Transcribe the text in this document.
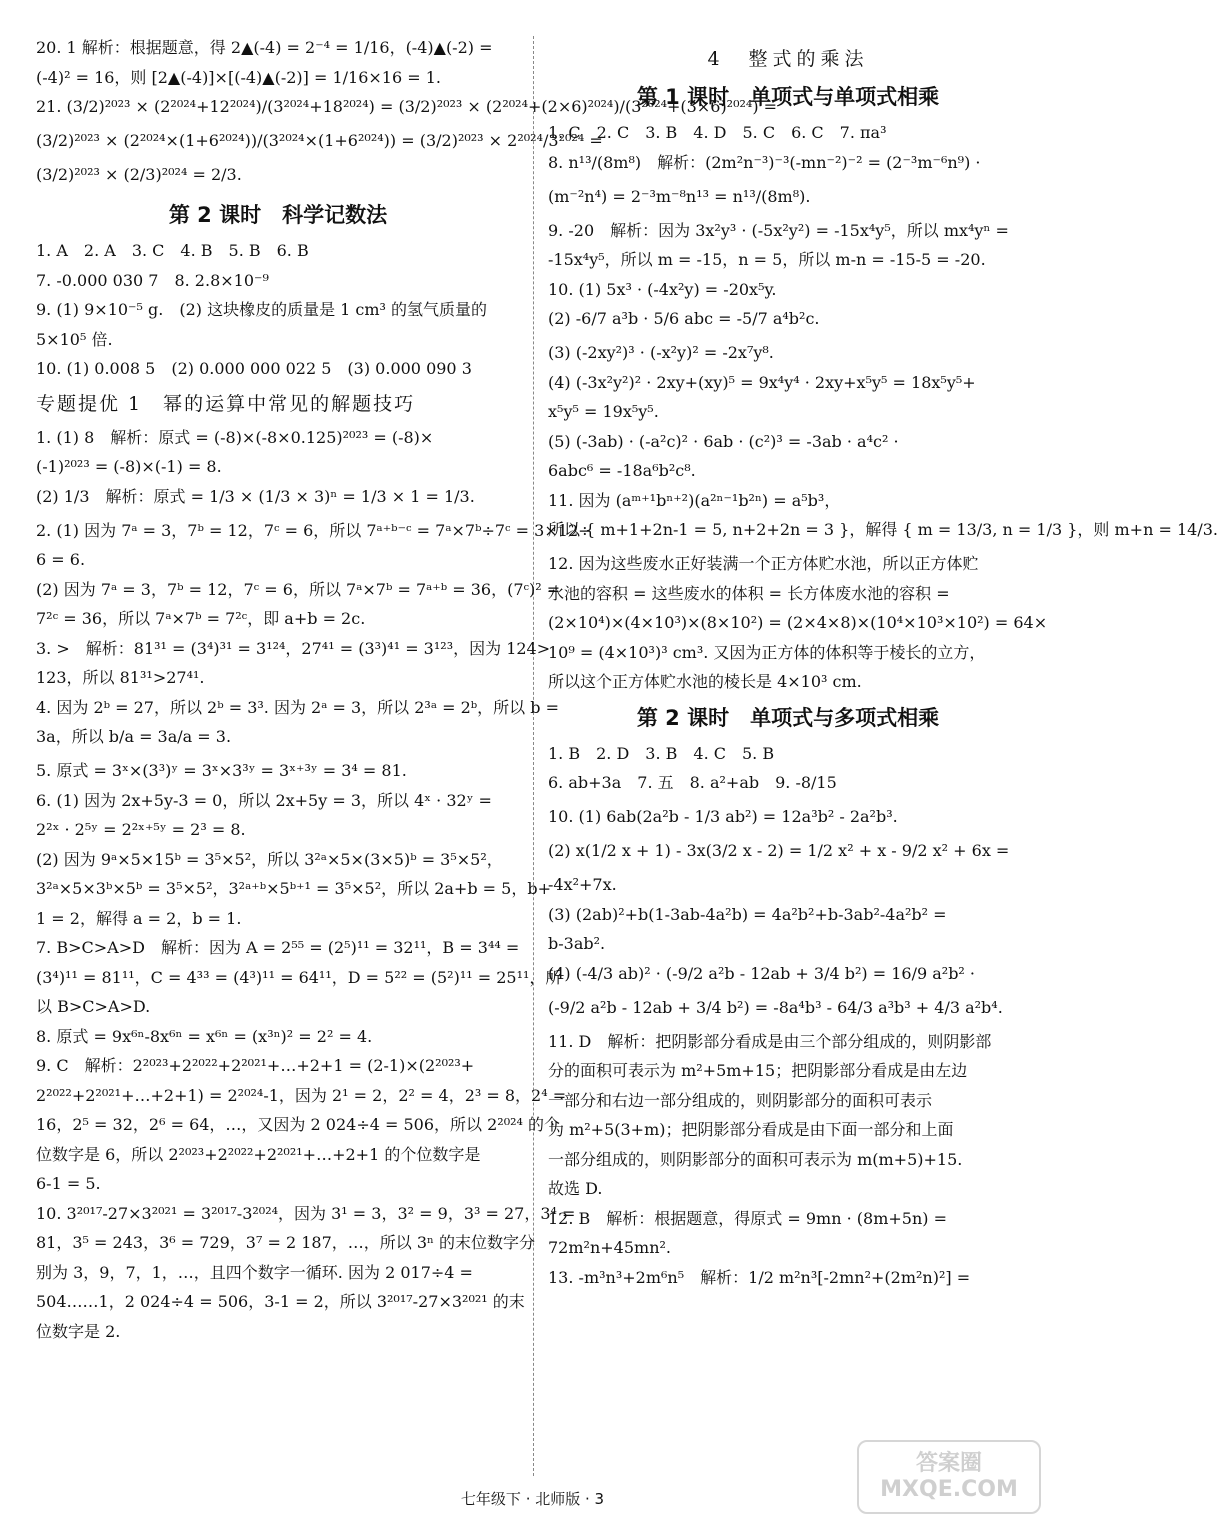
20. 1 解析：根据题意，得 2▲(-4) = 2⁻⁴ = 1/16，(-4)▲(-2) =
(-4)² = 16，则 [2▲(-4)]×[(-4)▲(-2)] = 1/16×16 = 1.
21. (3/2)²⁰²³ × (2²⁰²⁴+12²⁰²⁴)/(3²⁰²⁴+18²⁰²⁴) = (3/2)²⁰²³ × (2²⁰²⁴+(2×6)²⁰²⁴)/(3²⁰²⁴+(3×6)²⁰²⁴) =
(3/2)²⁰²³ × (2²⁰²⁴×(1+6²⁰²⁴))/(3²⁰²⁴×(1+6²⁰²⁴)) = (3/2)²⁰²³ × 2²⁰²⁴/3²⁰²⁴ =
(3/2)²⁰²³ × (2/3)²⁰²⁴ = 2/3.
第 2 课时　科学记数法
1. A　2. A　3. C　4. B　5. B　6. B
7. -0.000 030 7　8. 2.8×10⁻⁹
9. (1) 9×10⁻⁵ g.　(2) 这块橡皮的质量是 1 cm³ 的氢气质量的
5×10⁵ 倍.
10. (1) 0.008 5　(2) 0.000 000 022 5　(3) 0.000 090 3
专题提优 1　幂的运算中常见的解题技巧
1. (1) 8　解析：原式 = (-8)×(-8×0.125)²⁰²³ = (-8)×
(-1)²⁰²³ = (-8)×(-1) = 8.
(2) 1/3　解析：原式 = 1/3 × (1/3 × 3)ⁿ = 1/3 × 1 = 1/3.
2. (1) 因为 7ᵃ = 3，7ᵇ = 12，7ᶜ = 6，所以 7ᵃ⁺ᵇ⁻ᶜ = 7ᵃ×7ᵇ÷7ᶜ = 3×12÷
6 = 6.
(2) 因为 7ᵃ = 3，7ᵇ = 12，7ᶜ = 6，所以 7ᵃ×7ᵇ = 7ᵃ⁺ᵇ = 36，(7ᶜ)² =
7²ᶜ = 36，所以 7ᵃ×7ᵇ = 7²ᶜ，即 a+b = 2c.
3. >　解析：81³¹ = (3⁴)³¹ = 3¹²⁴，27⁴¹ = (3³)⁴¹ = 3¹²³，因为 124>
123，所以 81³¹>27⁴¹.
4. 因为 2ᵇ = 27，所以 2ᵇ = 3³. 因为 2ᵃ = 3，所以 2³ᵃ = 2ᵇ，所以 b =
3a，所以 b/a = 3a/a = 3.
5. 原式 = 3ˣ×(3³)ʸ = 3ˣ×3³ʸ = 3ˣ⁺³ʸ = 3⁴ = 81.
6. (1) 因为 2x+5y-3 = 0，所以 2x+5y = 3，所以 4ˣ · 32ʸ =
2²ˣ · 2⁵ʸ = 2²ˣ⁺⁵ʸ = 2³ = 8.
(2) 因为 9ᵃ×5×15ᵇ = 3⁵×5²，所以 3²ᵃ×5×(3×5)ᵇ = 3⁵×5²，
3²ᵃ×5×3ᵇ×5ᵇ = 3⁵×5²，3²ᵃ⁺ᵇ×5ᵇ⁺¹ = 3⁵×5²，所以 2a+b = 5，b+
1 = 2，解得 a = 2，b = 1.
7. B>C>A>D　解析：因为 A = 2⁵⁵ = (2⁵)¹¹ = 32¹¹，B = 3⁴⁴ =
(3⁴)¹¹ = 81¹¹，C = 4³³ = (4³)¹¹ = 64¹¹，D = 5²² = (5²)¹¹ = 25¹¹，所
以 B>C>A>D.
8. 原式 = 9x⁶ⁿ-8x⁶ⁿ = x⁶ⁿ = (x³ⁿ)² = 2² = 4.
9. C　解析：2²⁰²³+2²⁰²²+2²⁰²¹+…+2+1 = (2-1)×(2²⁰²³+
2²⁰²²+2²⁰²¹+…+2+1) = 2²⁰²⁴-1，因为 2¹ = 2，2² = 4，2³ = 8，2⁴ =
16，2⁵ = 32，2⁶ = 64，…，又因为 2 024÷4 = 506，所以 2²⁰²⁴ 的个
位数字是 6，所以 2²⁰²³+2²⁰²²+2²⁰²¹+…+2+1 的个位数字是
6-1 = 5.
10. 3²⁰¹⁷-27×3²⁰²¹ = 3²⁰¹⁷-3²⁰²⁴，因为 3¹ = 3，3² = 9，3³ = 27，3⁴ =
81，3⁵ = 243，3⁶ = 729，3⁷ = 2 187，…，所以 3ⁿ 的末位数字分
别为 3，9，7，1，…，且四个数字一循环. 因为 2 017÷4 =
504……1，2 024÷4 = 506，3-1 = 2，所以 3²⁰¹⁷-27×3²⁰²¹ 的末
位数字是 2.
4　整式的乘法
第 1 课时　单项式与单项式相乘
1. C　2. C　3. B　4. D　5. C　6. C　7. πa³
8. n¹³/(8m⁸)　解析：(2m²n⁻³)⁻³(-mn⁻²)⁻² = (2⁻³m⁻⁶n⁹) ·
(m⁻²n⁴) = 2⁻³m⁻⁸n¹³ = n¹³/(8m⁸).
9. -20　解析：因为 3x²y³ · (-5x²y²) = -15x⁴y⁵，所以 mx⁴yⁿ =
-15x⁴y⁵，所以 m = -15，n = 5，所以 m-n = -15-5 = -20.
10. (1) 5x³ · (-4x²y) = -20x⁵y.
(2) -6/7 a³b · 5/6 abc = -5/7 a⁴b²c.
(3) (-2xy²)³ · (-x²y)² = -2x⁷y⁸.
(4) (-3x²y²)² · 2xy+(xy)⁵ = 9x⁴y⁴ · 2xy+x⁵y⁵ = 18x⁵y⁵+
x⁵y⁵ = 19x⁵y⁵.
(5) (-3ab) · (-a²c)² · 6ab · (c²)³ = -3ab · a⁴c² ·
6abc⁶ = -18a⁶b²c⁸.
11. 因为 (aᵐ⁺¹bⁿ⁺²)(a²ⁿ⁻¹b²ⁿ) = a⁵b³，
所以 { m+1+2n-1 = 5, n+2+2n = 3 }，解得 { m = 13/3, n = 1/3 }，则 m+n = 14/3.
12. 因为这些废水正好装满一个正方体贮水池，所以正方体贮
水池的容积 = 这些废水的体积 = 长方体废水池的容积 =
(2×10⁴)×(4×10³)×(8×10²) = (2×4×8)×(10⁴×10³×10²) = 64×
10⁹ = (4×10³)³ cm³. 又因为正方体的体积等于棱长的立方，
所以这个正方体贮水池的棱长是 4×10³ cm.
第 2 课时　单项式与多项式相乘
1. B　2. D　3. B　4. C　5. B
6. ab+3a　7. 五　8. a²+ab　9. -8/15
10. (1) 6ab(2a²b - 1/3 ab²) = 12a³b² - 2a²b³.
(2) x(1/2 x + 1) - 3x(3/2 x - 2) = 1/2 x² + x - 9/2 x² + 6x =
-4x²+7x.
(3) (2ab)²+b(1-3ab-4a²b) = 4a²b²+b-3ab²-4a²b² =
b-3ab².
(4) (-4/3 ab)² · (-9/2 a²b - 12ab + 3/4 b²) = 16/9 a²b² ·
(-9/2 a²b - 12ab + 3/4 b²) = -8a⁴b³ - 64/3 a³b³ + 4/3 a²b⁴.
11. D　解析：把阴影部分看成是由三个部分组成的，则阴影部
分的面积可表示为 m²+5m+15；把阴影部分看成是由左边
一部分和右边一部分组成的，则阴影部分的面积可表示
为 m²+5(3+m)；把阴影部分看成是由下面一部分和上面
一部分组成的，则阴影部分的面积可表示为 m(m+5)+15.
故选 D.
12. B　解析：根据题意，得原式 = 9mn · (8m+5n) =
72m²n+45mn².
13. -m³n³+2m⁶n⁵　解析：1/2 m²n³[-2mn²+(2m²n)²] =
七年级下 · 北师版 · 3
答案圈
MXQE.COM
